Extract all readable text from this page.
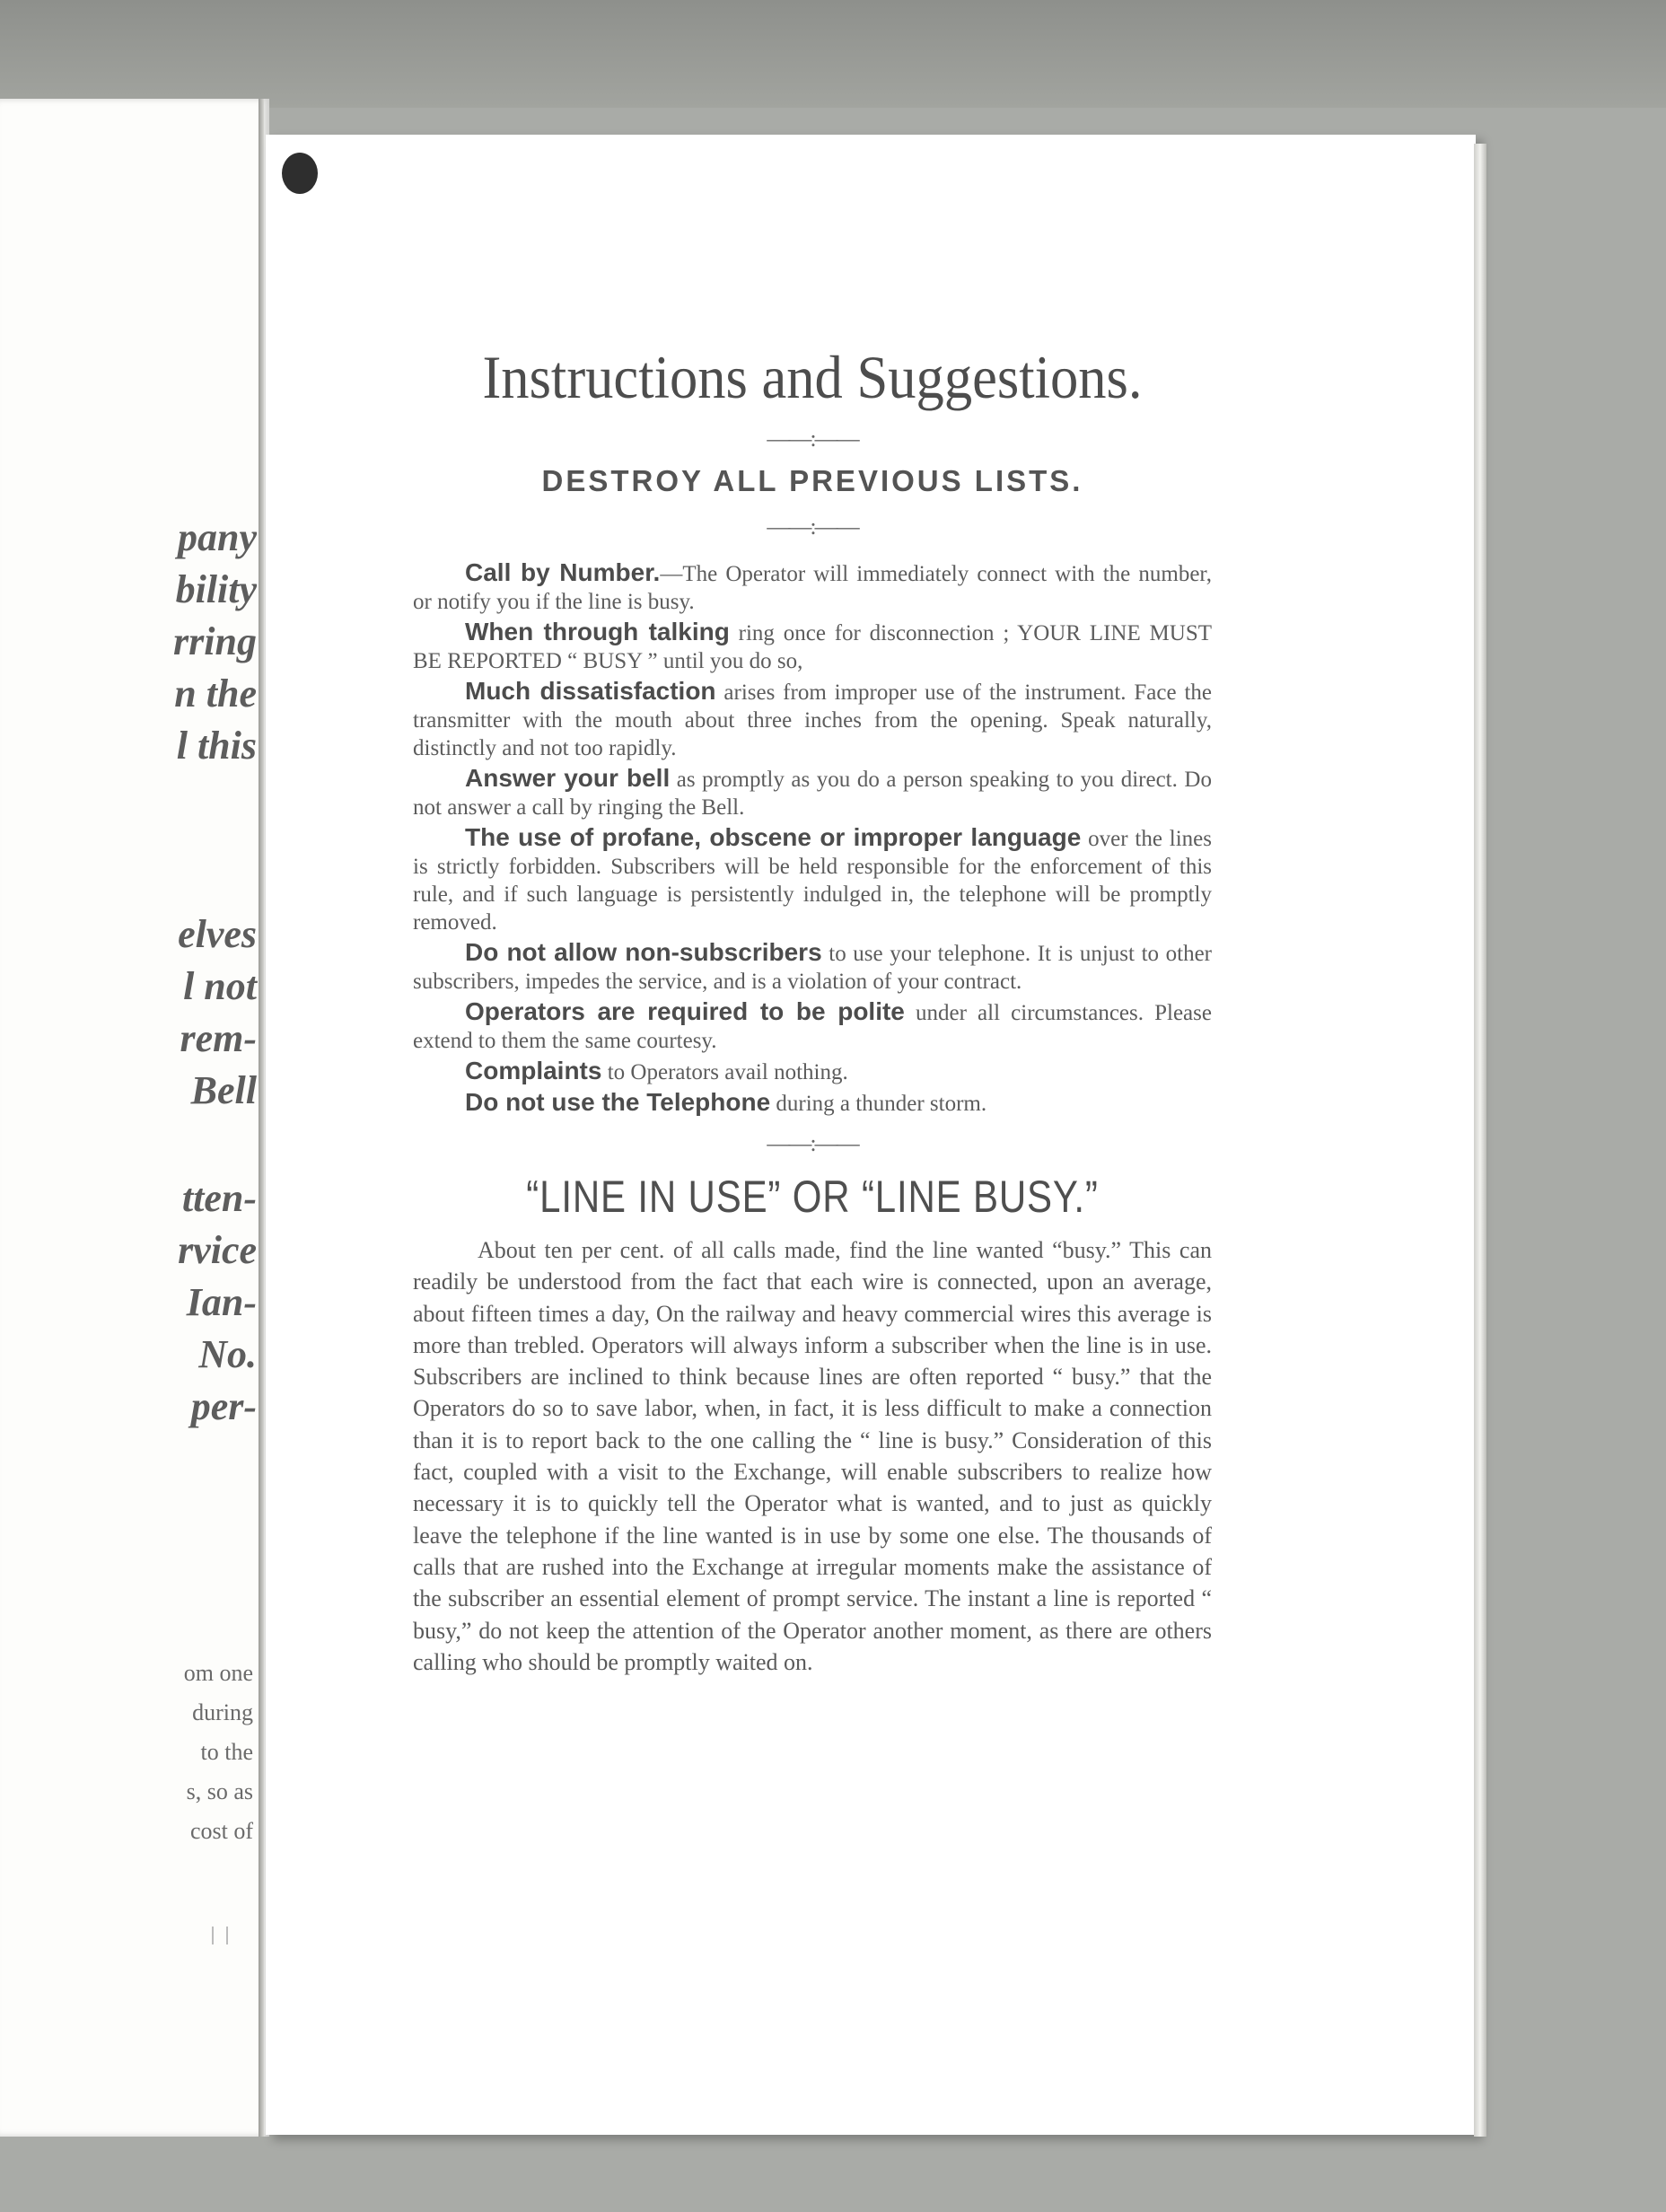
pany

bility

rring

n the

l this

elves

l not

rem-

Bell

tten-

rvice

Ian-

No.

per-

om one

during

to the

s, so as

cost of

Instructions and Suggestions.
——:——
DESTROY ALL PREVIOUS LISTS.
——:——

Call by Number.—The Operator will immediately connect with the number, or notify you if the line is busy.

When through talking ring once for disconnection ; YOUR LINE MUST BE REPORTED “ BUSY ” until you do so,

Much dissatisfaction arises from improper use of the instrument. Face the transmitter with the mouth about three inches from the opening. Speak naturally, distinctly and not too rapidly.

Answer your bell as promptly as you do a person speaking to you direct. Do not answer a call by ringing the Bell.

The use of profane, obscene or improper language over the lines is strictly forbidden. Subscribers will be held responsible for the enforcement of this rule, and if such language is persistently indulged in, the telephone will be promptly removed.

Do not allow non-subscribers to use your telephone. It is unjust to other subscribers, impedes the service, and is a violation of your contract.

Operators are required to be polite under all circumstances. Please extend to them the same courtesy.

Complaints to Operators avail nothing.

Do not use the Telephone during a thunder storm.

——:——
“LINE IN USE” OR “LINE BUSY.”

About ten per cent. of all calls made, find the line wanted “busy.” This can readily be understood from the fact that each wire is connected, upon an average, about fifteen times a day, On the railway and heavy commercial wires this average is more than trebled. Operators will always inform a subscriber when the line is in use. Subscribers are inclined to think because lines are often reported “ busy.” that the Operators do so to save labor, when, in fact, it is less difficult to make a connection than it is to report back to the one calling the “ line is busy.” Consideration of this fact, coupled with a visit to the Exchange, will enable subscribers to realize how necessary it is to quickly tell the Operator what is wanted, and to just as quickly leave the telephone if the line wanted is in use by some one else. The thousands of calls that are rushed into the Exchange at irregular moments make the assistance of the subscriber an essential element of prompt service. The instant a line is reported “ busy,” do not keep the attention of the Operator another moment, as there are others calling who should be promptly waited on.
